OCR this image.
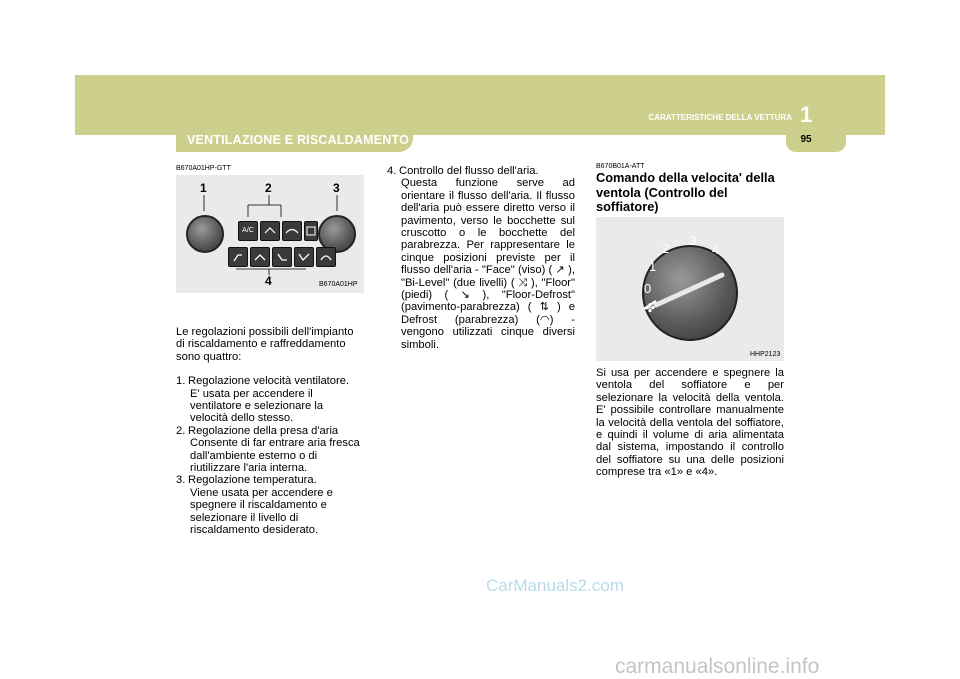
CARATTERISTICHE DELLA VETTURA 1
95
VENTILAZIONE E RISCALDAMENTO
B670A01HP-GTT
1	2	3
4
A/C
B670A01HP

Le regolazioni possibili dell'impianto di riscaldamento e raffreddamento sono quattro:

1. Regolazione velocità ventilatore.
E' usata per accendere il ventilatore e selezionare la velocità dello stesso.
2. Regolazione della presa d'aria
Consente di far entrare aria fresca dall'ambiente esterno o di riutilizzare l'aria interna.
3. Regolazione temperatura.
Viene usata per accendere e spegnere il riscaldamento e selezionare il livello di riscaldamento desiderato.
4. Controllo del flusso dell'aria.
Questa funzione serve ad orientare il flusso dell'aria. Il flusso dell'aria può essere diretto verso il pavimento, verso le bocchette sul cruscotto o le bocchette del parabrezza. Per rappresentare le cinque posizioni previste per il flusso dell'aria - "Face" (viso) ( ↗ ), "Bi-Level" (due livelli) ( ⤨ ), "Floor" (piedi) ( ↘ ), "Floor-Defrost" (pavimento-parabrezza) ( ⇅ ) e Defrost (parabrezza) (◠) - vengono utilizzati cinque diversi simboli.
B670B01A-ATT
Comando della velocita' della ventola (Controllo del soffiatore)
0
1
2
3
4
✤
HHP2123

Si usa per accendere e spegnere la ventola del soffiatore e per selezionare la velocità della ventola. E' possibile controllare manualmente la velocità della ventola del soffiatore, e quindi il volume di aria alimentata dal sistema, impostando il controllo del soffiatore su una delle posizioni comprese tra «1» e «4».

CarManuals2.com
carmanualsonline.info
